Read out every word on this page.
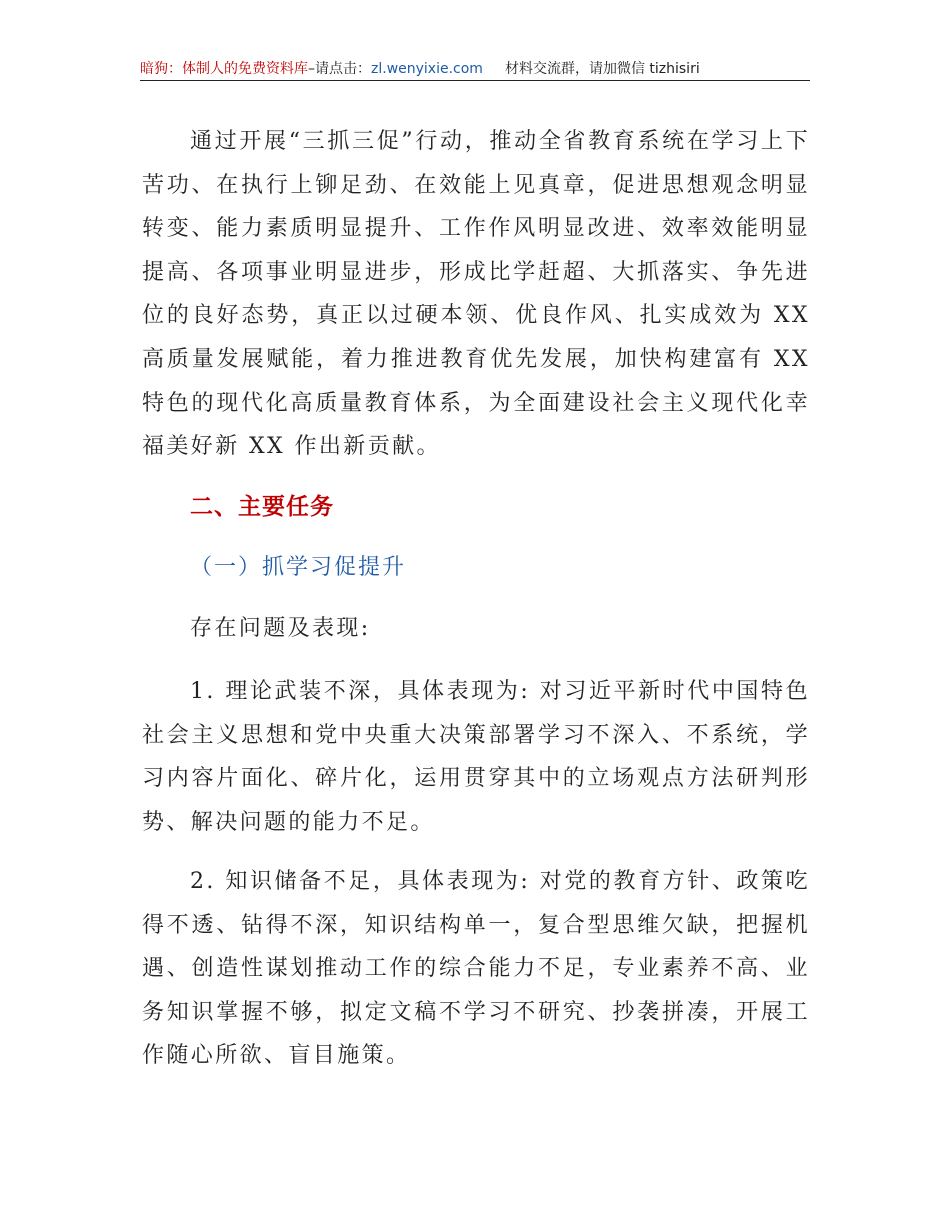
暗狗：体制人的免费资料库–请点击：zl.wenyixie.com 材料交流群，请加微信 tizhisiri

通过开展“三抓三促”行动，推动全省教育系统在学习上下苦功、在执行上铆足劲、在效能上见真章，促进思想观念明显转变、能力素质明显提升、工作作风明显改进、效率效能明显提高、各项事业明显进步，形成比学赶超、大抓落实、争先进位的良好态势，真正以过硬本领、优良作风、扎实成效为 XX 高质量发展赋能，着力推进教育优先发展，加快构建富有 XX 特色的现代化高质量教育体系，为全面建设社会主义现代化幸福美好新 XX 作出新贡献。

二、主要任务

（一）抓学习促提升

存在问题及表现:

1. 理论武装不深，具体表现为: 对习近平新时代中国特色社会主义思想和党中央重大决策部署学习不深入、不系统，学习内容片面化、碎片化，运用贯穿其中的立场观点方法研判形势、解决问题的能力不足。

2. 知识储备不足，具体表现为: 对党的教育方针、政策吃得不透、钻得不深，知识结构单一，复合型思维欠缺，把握机遇、创造性谋划推动工作的综合能力不足，专业素养不高、业务知识掌握不够，拟定文稿不学习不研究、抄袭拼凑，开展工作随心所欲、盲目施策。
